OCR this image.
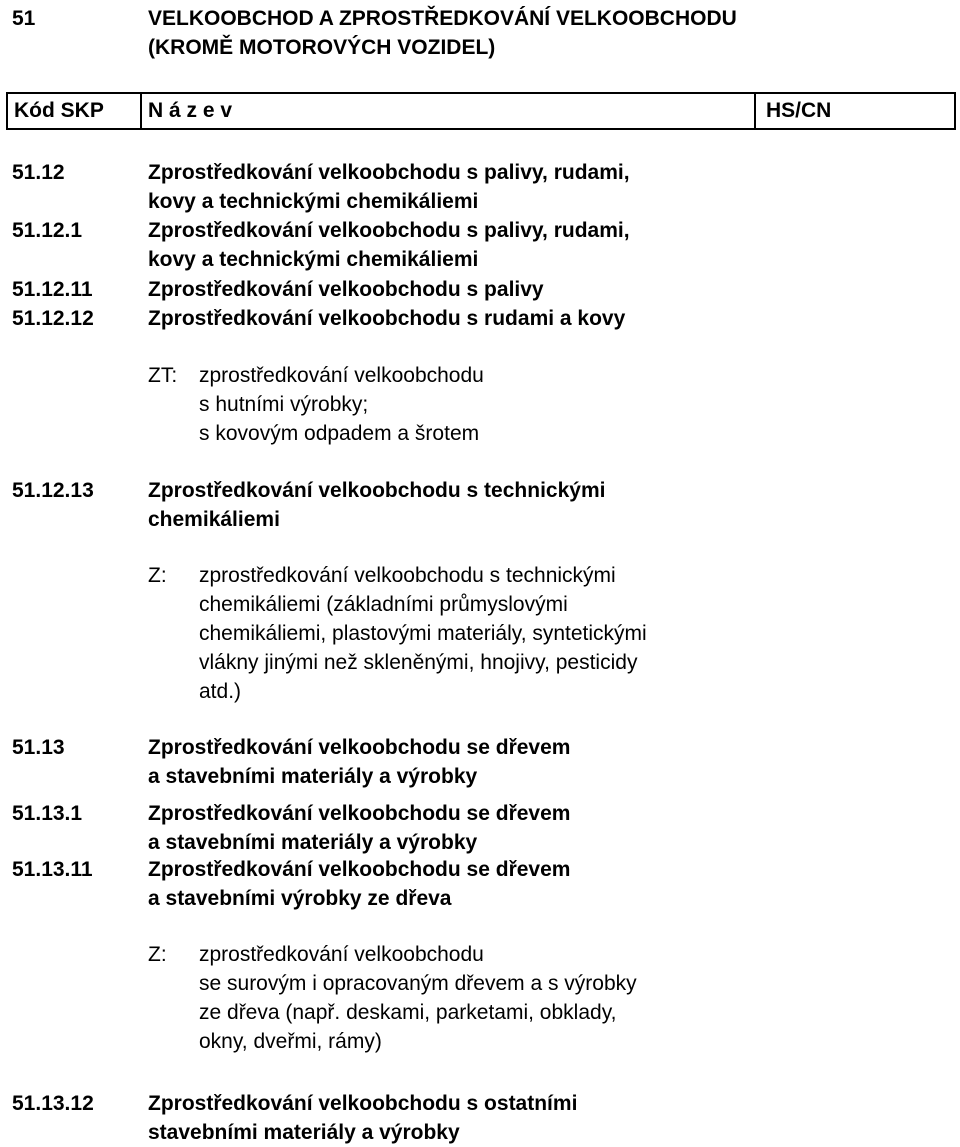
51	VELKOOBCHOD A ZPROSTŘEDKOVÁNÍ VELKOOBCHODU
(KROMĚ MOTOROVÝCH VOZIDEL)
Kód SKP	N á z e v	HS/CN
51.12	Zprostředkování velkoobchodu s palivy, rudami,
kovy a technickými chemikáliemi
51.12.1	Zprostředkování velkoobchodu s palivy, rudami,
kovy a technickými chemikáliemi
51.12.11	Zprostředkování velkoobchodu s palivy
51.12.12	Zprostředkování velkoobchodu s rudami a kovy
ZT: zprostředkování velkoobchodu
s hutními výrobky;
s kovovým odpadem a šrotem
51.12.13	Zprostředkování velkoobchodu s technickými
chemikáliemi
Z: zprostředkování velkoobchodu s technickými
chemikáliemi (základními průmyslovými
chemikáliemi, plastovými materiály, syntetickými
vlákny jinými než skleněnými, hnojivy, pesticidy
atd.)
51.13	Zprostředkování velkoobchodu se dřevem
a stavebními materiály a výrobky
51.13.1	Zprostředkování velkoobchodu se dřevem
a stavebními materiály a výrobky
51.13.11	Zprostředkování velkoobchodu se dřevem
a stavebními výrobky ze dřeva
Z: zprostředkování velkoobchodu
se surovým i opracovaným dřevem a s výrobky
ze dřeva (např. deskami, parketami, obklady,
okny, dveřmi, rámy)
51.13.12	Zprostředkování velkoobchodu s ostatními
stavebními materiály a výrobky
